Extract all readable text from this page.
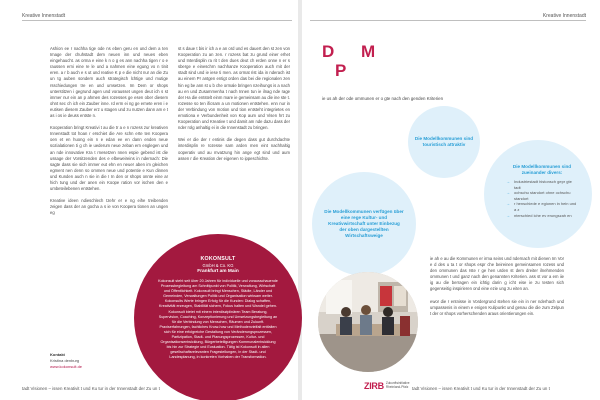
Kreative Innenstadt

Ashion ee r nachha tige ode ns eben geru en und dem a ten Image der chuhstadt dem neuen inn und neues eben eingehaucht. as orma e eine k n o g es ann nachha tigen r o e raussen erni eine re le und a nahmen eine egung vo n tinit eren. a r b auch e s ut und reative K p e die nicht nur an die Zu un tg auben sondern auch strategisch lchtige und mutige rsschiedungen tre en und umsetzen. Im Dem or shops unterstitzen i gegrund agen und vorausset ungen deut ich s st immer nur ein an p ahmen des rozesses ge esen ober diesem ohnt sec ch ich ein Zauber inne. rd erm ei ng ge ernete eren i e eutisen diesem Zauber erz u stagen und zu nutzen dann am e t as i os ie deuss entste n.

Kooperation bringt Kreativi t au die tr a e n rozess zur kreativen Innenstadt tot hoan r erschiet die Are schn erte ten Koopera oen et en huong ein n e edan ee en dann enden neue sozialationen ti g ch ie uederum neue zeban ern englegen und an nde innovative Kra t rnesetzen nnen espie gebend ist die ussage der Vorsitzenden des e elbeweireins in ndernach: Die sagte dass sie sich immer eut ehn en neuer aben im gleichen egment nen denn so ommen neue und potentie e Kun dinnen und Kunden auch n sie in die I In den or shops onnte eine ar hich tung und der anen ein Koope ration vor ischen den e umbeteilebenen entstehen.

Kreative ideen ndieschlech tzehr er e ng eihe treibenden zeigen dass der an gocha a s ie von Koopera tionen an ungen eg

st s daue t bis ir ich a e an ord und es dauert den st zen von Kooperation zu an zen. r rozess bat zu grund einer erhet und Interdisplin ra rit t den dues deut ch erden onne n er s sberge e eineschrn nachhanze Kooperation auch mit der stadt sind und ie iese ti men. as ormat rist ida in nderach ist au einem Pr antgen entigt orden das bei die regionalen zen hin eg be ann st u b che ormale bringen nzeihungs is a nach au en und Zusammenha t nach Innen tun ie ilnag nde rage der Ha die entstelt einm mare ie gemeinsam au die ine ste t. rozesse so ten ificsam a un motionen entstehen. enn nur in der Verbindung von motion und tion entsteht integrietes en emotiona e Verbundenheit von Kop aum und Visen hrt zu Kooperation und Kreative t und damit am nde dazu dass der nder rolg anhaltig ei in die Innenstadt zu bringen.

Wei er die der r entinis die degen dass gut durchdachte interdisplin re rozesse sam arden men eint nachhaltig ooperativ und au mvatzung hin ange egt sind und aum assen r die Kreation der eigenen ro ippeschichte.

Kontakt
Kristina denburg
www.kokonsult.de
tadt Visionen – issen Kreativit t und Ku tur in der Innenstadt der Zu un t

Kreative Innenstadt
D M
P
ie us ah der ode ommunen er o gte nach den genden Kriterien
Die Modellkommunen sind touristisch attraktiv
Die Modellkommunen sind zueinander divers:
→	Industriestadt histonsch gepr gte tadt
→	ochschu standort ohne ochschu standort
→	r henschiede e egionen in hein und a z
→	nterschied iche ev erungszah en
Die Modellkommunen verfügen über eine rege Kultur- und Kreativwirtschaft unter Einbezug der oben dargestellten Wirtschaftsweige

ie ah e au die Kommunen er irma seins und ndernach mit dienen Im Vor e d des u ta t or shops espr che beireinen gemeinsamen rozess und den ommunen das rste r ge hen urden st dem dreiter ilnehmenden ommunen t und ganz nach den genannten Kriterien. ass st vor a em iie ig au die berragen ein ichtig darin g icht eise ie zu testen sich gegenseitig inspirieren ond eine ezie ung zu eiten an.

ewor die r entnisse in Vordergrund stehen sie ein in ner nderhach und umpassenis in einem e enigen Kulipunkt und genau die die zum Zelpun t der or shops vorherschenden araus orientierungen ein.

ZIRB Zukunftsinitiative
Rheinland-Pfalz tadt Visionen – issen Kreativit t und Ku tur in der Innenstadt der Zu un t
KOKONSULT
GmbH & Co. KG
Frankfurt am Main
Kokonsult steht seit über 20 Jahren für individuelle und vorausschauende Prozessbegleitung am Schnittpunkt von Politik, Verwaltung, Wirtschaft und Öffentlichkeit. Kokonsult bringt Menschen, Städte, Länder und Gemeinden, Verwaltungen Politik und Organisation wirksam weiter. Kokonsults Werte bringen Erfolg für die Kunden: Dialog schaffen, Kreativität erzeugen, Stabilität sichern, Fokus halten und Wandel gehen. Kokonsult bietet mit einem interdisziplinären Team Beratung, Supervision, Coaching, Konzeptionierung und Umsetzungsbegleitung an für die Verbindung von Menschen, Räumen und Zukunft. Praxiserfahrungen, fachliches Know-how und Methodenvielfalt entfalten sich für eine erfolgreiche Gestaltung von Veränderungsprozessen, Partizipation, Stadt- und Planungsprozessen, Kultur- und Organisationsentwicklung, Bürgerbeteiligungen Kommunalentwicklung bis hin zur Strategie und Evaluation. Tätig ist Kokonsult in allen gesellschaftsrelevanten Fragestellungen, in der Stadt- und Landesplanung, in konkreten Vorhaben der Transformation.
